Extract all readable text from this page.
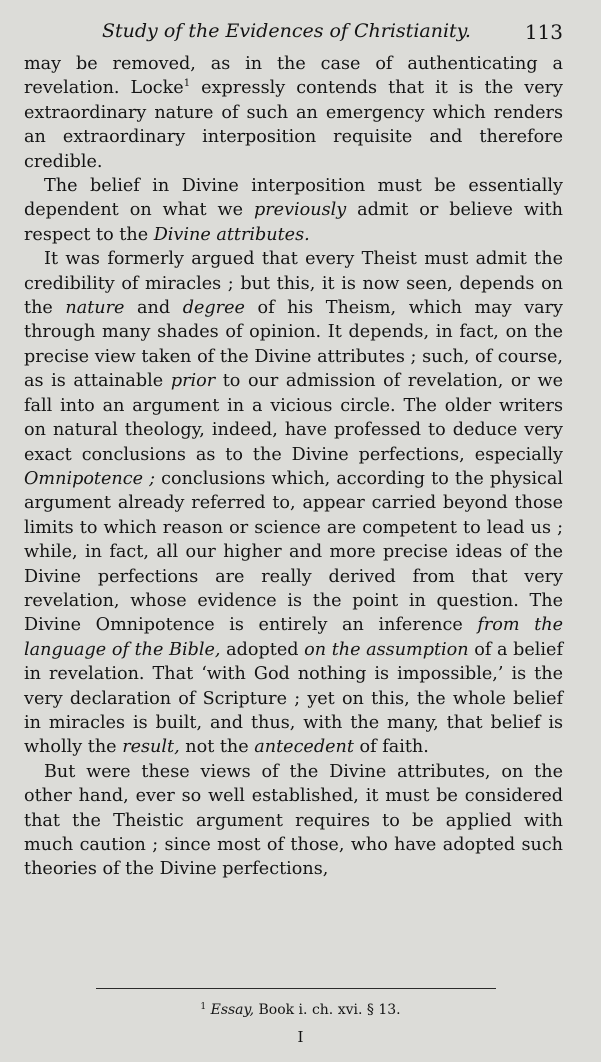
Study of the Evidences of Christianity.	113

may be removed, as in the case of authenticating a revelation. Locke$^1$ expressly contends that it is the very extraordinary nature of such an emergency which renders an extraordinary interposition requisite and therefore credible.

The belief in Divine interposition must be essentially dependent on what we previously admit or believe with respect to the Divine attributes.

It was formerly argued that every Theist must admit the credibility of miracles ; but this, it is now seen, depends on the nature and degree of his Theism, which may vary through many shades of opinion. It depends, in fact, on the precise view taken of the Divine attributes ; such, of course, as is attainable prior to our admission of revelation, or we fall into an argument in a vicious circle. The older writers on natural theology, indeed, have professed to deduce very exact conclusions as to the Divine perfections, especially Omnipotence ; conclusions which, according to the physical argument already referred to, appear carried beyond those limits to which reason or science are competent to lead us ; while, in fact, all our higher and more precise ideas of the Divine perfections are really derived from that very revelation, whose evidence is the point in question. The Divine Omnipotence is entirely an inference from the language of the Bible, adopted on the assumption of a belief in revelation. That ‘with God nothing is impossible,’ is the very declaration of Scripture ; yet on this, the whole belief in miracles is built, and thus, with the many, that belief is wholly the result, not the antecedent of faith.

But were these views of the Divine attributes, on the other hand, ever so well established, it must be considered that the Theistic argument requires to be applied with much caution ; since most of those, who have adopted such theories of the Divine perfections,

$^1$ Essay, Book i. ch. xvi. § 13.
I
